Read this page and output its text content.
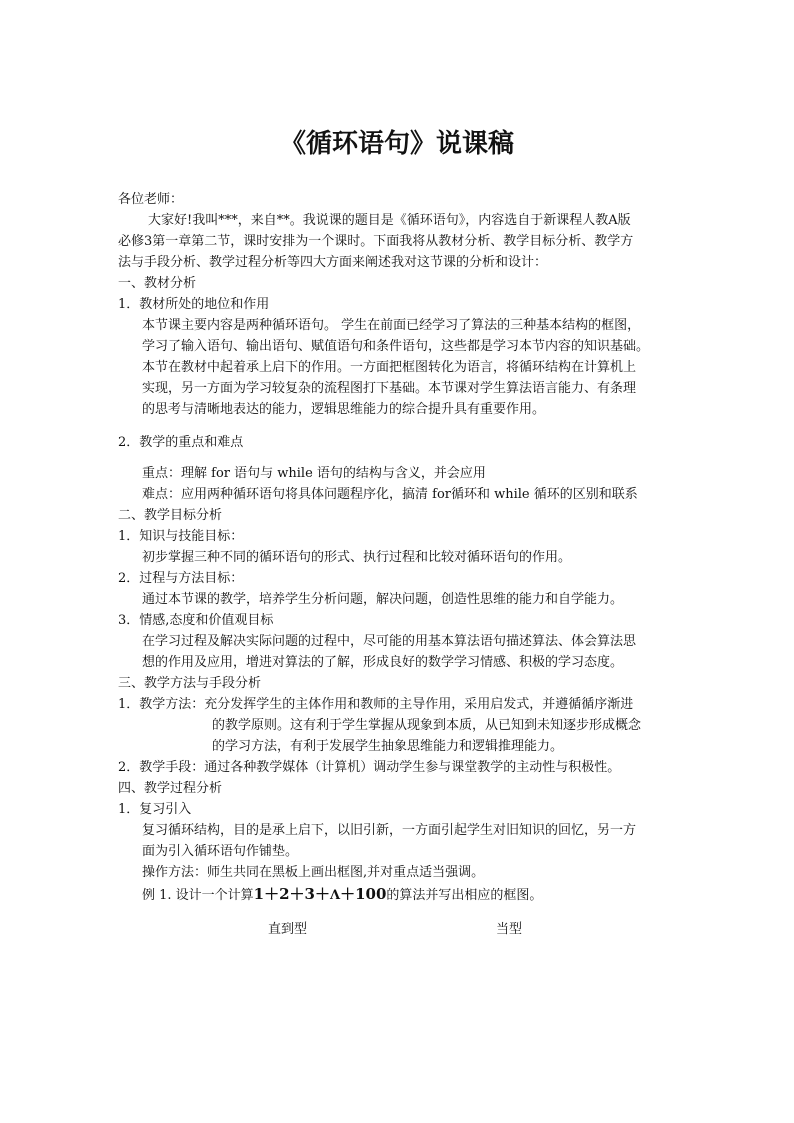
《循环语句》说课稿

各位老师：

大家好!我叫***，来自**。我说课的题目是《循环语句》，内容选自于新课程人教A版

必修3第一章第二节，课时安排为一个课时。下面我将从教材分析、教学目标分析、教学方

法与手段分析、教学过程分析等四大方面来阐述我对这节课的分析和设计：

一、教材分析

1．教材所处的地位和作用

本节课主要内容是两种循环语句。 学生在前面已经学习了算法的三种基本结构的框图，

学习了输入语句、输出语句、赋值语句和条件语句，这些都是学习本节内容的知识基础。

本节在教材中起着承上启下的作用。一方面把框图转化为语言，将循环结构在计算机上

实现，另一方面为学习较复杂的流程图打下基础。本节课对学生算法语言能力、有条理

的思考与清晰地表达的能力，逻辑思维能力的综合提升具有重要作用。

2．教学的重点和难点

重点：理解 for 语句与 while 语句的结构与含义，并会应用

难点：应用两种循环语句将具体问题程序化，搞清 for循环和 while 循环的区别和联系

二、教学目标分析

1．知识与技能目标：

初步掌握三种不同的循环语句的形式、执行过程和比较对循环语句的作用。

2．过程与方法目标：

通过本节课的教学，培养学生分析问题，解决问题，创造性思维的能力和自学能力。

3．情感,态度和价值观目标

在学习过程及解决实际问题的过程中，尽可能的用基本算法语句描述算法、体会算法思

想的作用及应用，增进对算法的了解，形成良好的数学学习情感、积极的学习态度。

三、教学方法与手段分析

1．教学方法：充分发挥学生的主体作用和教师的主导作用，采用启发式，并遵循循序渐进

的教学原则。这有利于学生掌握从现象到本质，从已知到未知逐步形成概念

的学习方法，有利于发展学生抽象思维能力和逻辑推理能力。

2．教学手段：通过各种教学媒体（计算机）调动学生参与课堂教学的主动性与积极性。

四、教学过程分析

1．复习引入

复习循环结构，目的是承上启下，以旧引新，一方面引起学生对旧知识的回忆，另一方

面为引入循环语句作铺垫。

操作方法：师生共同在黑板上画出框图,并对重点适当强调。

例 1. 设计一个计算1＋2＋3＋Λ＋100的算法并写出相应的框图。

直到型	当型
